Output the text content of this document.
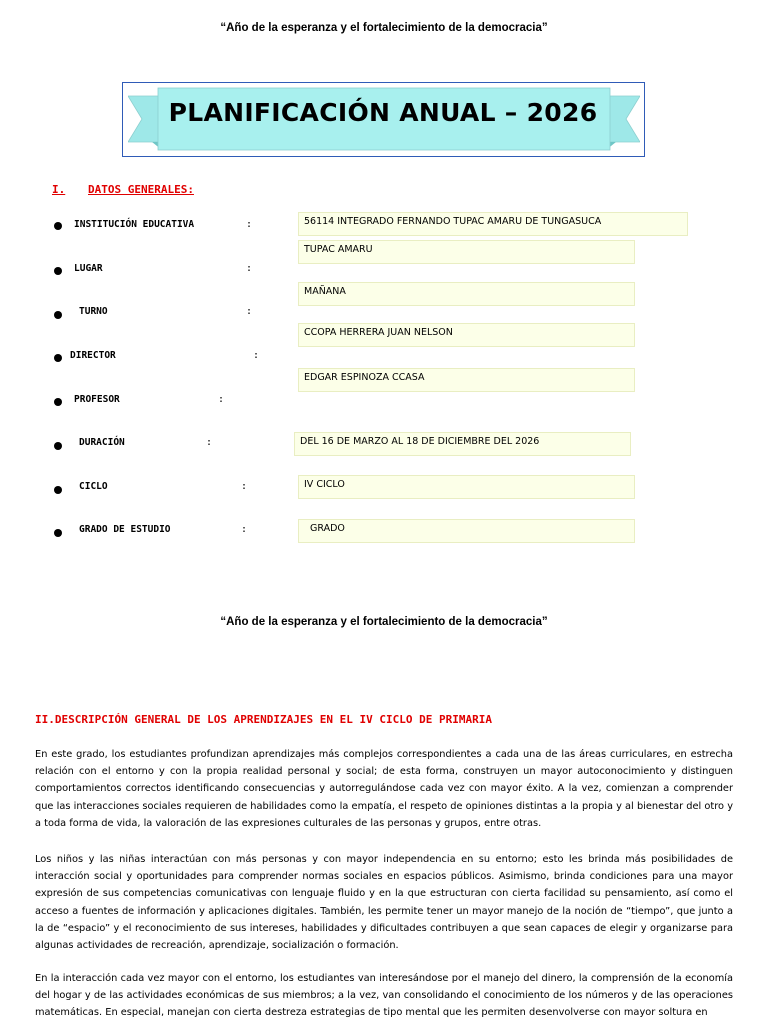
“Año de la esperanza y el fortalecimiento de la democracia”
PLANIFICACIÓN ANUAL – 2026
I. DATOS GENERALES:
INSTITUCIÓN EDUCATIVA	:	56114 INTEGRADO FERNANDO TUPAC AMARU DE TUNGASUCA
LUGAR	:
TUPAC AMARU
TURNO	:
MAÑANA
DIRECTOR	:
CCOPA HERRERA JUAN NELSON
PROFESOR	:
EDGAR ESPINOZA CCASA
DURACIÓN	:	DEL 16 DE MARZO AL 18 DE DICIEMBRE DEL 2026
CICLO	:	IV CICLO
GRADO DE ESTUDIO	:	GRADO
“Año de la esperanza y el fortalecimiento de la democracia”
II.DESCRIPCIÓN GENERAL DE LOS APRENDIZAJES EN EL IV CICLO DE PRIMARIA

En este grado, los estudiantes profundizan aprendizajes más complejos correspondientes a cada una de las áreas curriculares, en estrecha relación con el entorno y con la propia realidad personal y social; de esta forma, construyen un mayor autoconocimiento y distinguen comportamientos correctos identificando consecuencias y autorregulándose cada vez con mayor éxito. A la vez, comienzan a comprender que las interacciones sociales requieren de habilidades como la empatía, el respeto de opiniones distintas a la propia y al bienestar del otro y a toda forma de vida, la valoración de las expresiones culturales de las personas y grupos, entre otras.

Los niños y las niñas interactúan con más personas y con mayor independencia en su entorno; esto les brinda más posibilidades de interacción social y oportunidades para comprender normas sociales en espacios públicos. Asimismo, brinda condiciones para una mayor expresión de sus competencias comunicativas con lenguaje fluido y en la que estructuran con cierta facilidad su pensamiento, así como el acceso a fuentes de información y aplicaciones digitales. También, les permite tener un mayor manejo de la noción de “tiempo”, que junto a la de “espacio” y el reconocimiento de sus intereses, habilidades y dificultades contribuyen a que sean capaces de elegir y organizarse para algunas actividades de recreación, aprendizaje, socialización o formación.

En la interacción cada vez mayor con el entorno, los estudiantes van interesándose por el manejo del dinero, la comprensión de la economía del hogar y de las actividades económicas de sus miembros; a la vez, van consolidando el conocimiento de los números y de las operaciones matemáticas. En especial, manejan con cierta destreza estrategias de tipo mental que les permiten desenvolverse con mayor soltura en
